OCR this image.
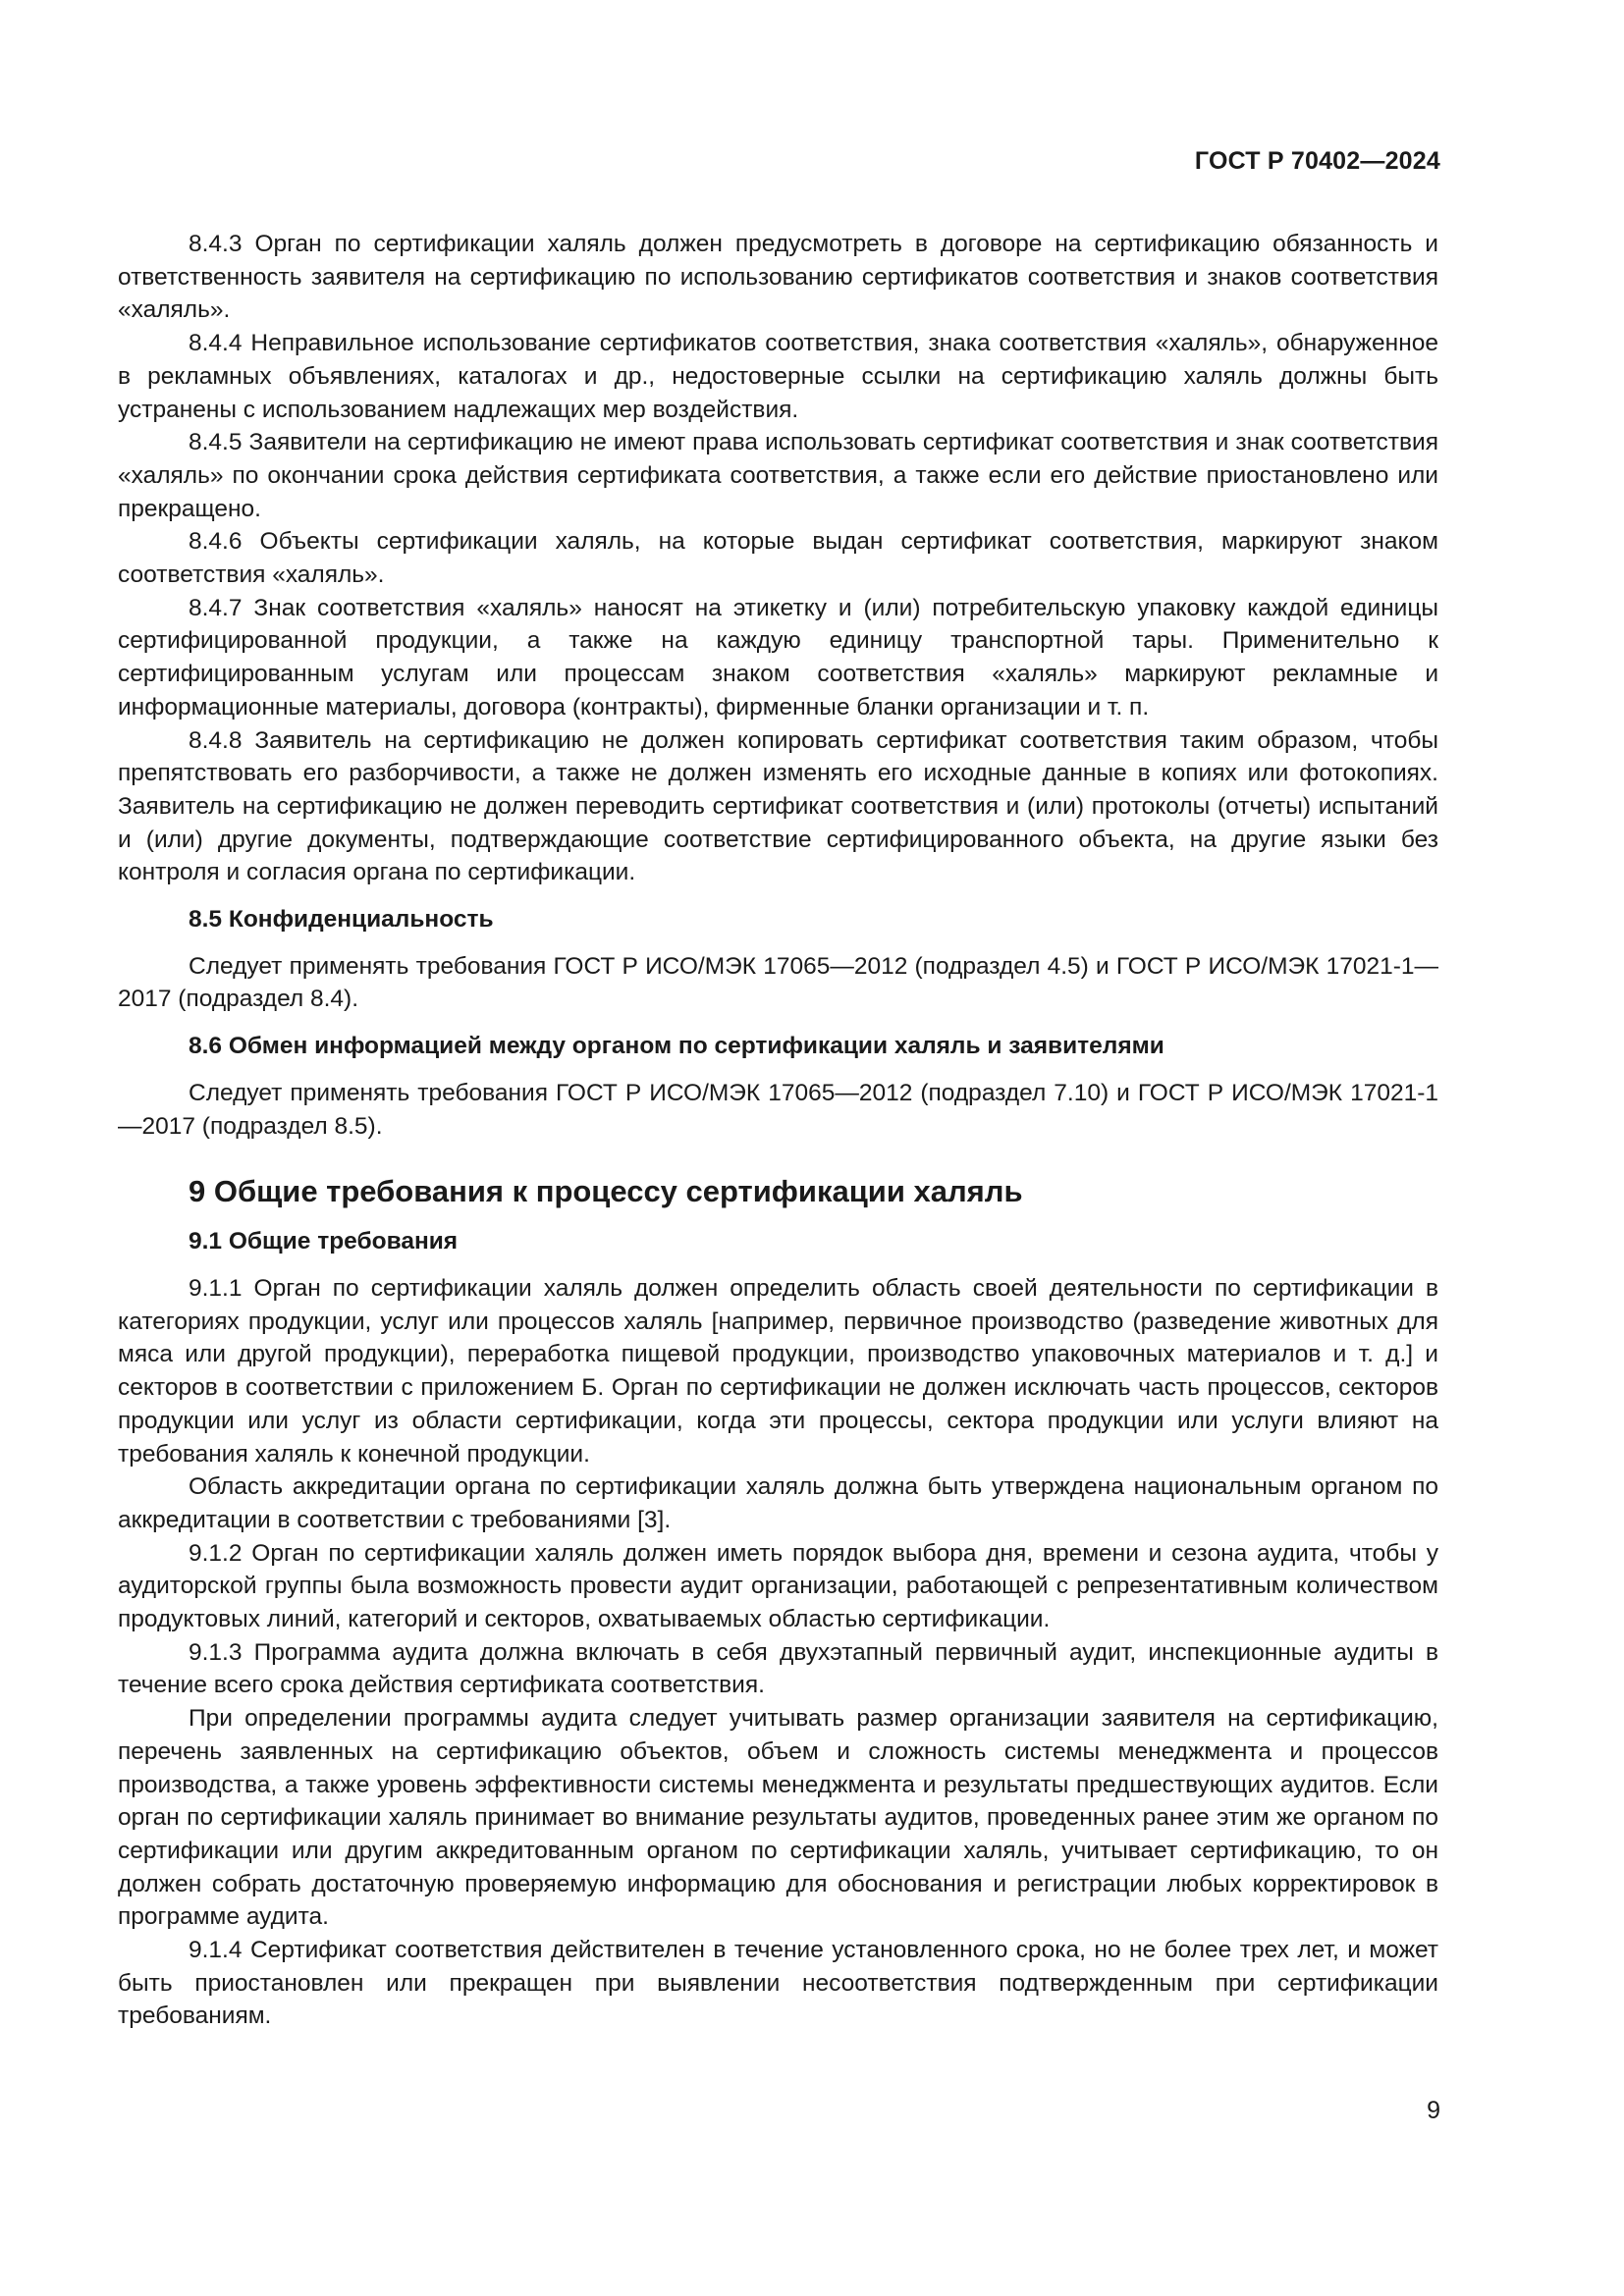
ГОСТ Р 70402—2024

8.4.3 Орган по сертификации халяль должен предусмотреть в договоре на сертификацию обязанность и ответственность заявителя на сертификацию по использованию сертификатов соответствия и знаков соответствия «халяль».

8.4.4 Неправильное использование сертификатов соответствия, знака соответствия «халяль», обнаруженное в рекламных объявлениях, каталогах и др., недостоверные ссылки на сертификацию халяль должны быть устранены с использованием надлежащих мер воздействия.

8.4.5 Заявители на сертификацию не имеют права использовать сертификат соответствия и знак соответствия «халяль» по окончании срока действия сертификата соответствия, а также если его действие приостановлено или прекращено.

8.4.6 Объекты сертификации халяль, на которые выдан сертификат соответствия, маркируют знаком соответствия «халяль».

8.4.7 Знак соответствия «халяль» наносят на этикетку и (или) потребительскую упаковку каждой единицы сертифицированной продукции, а также на каждую единицу транспортной тары. Применительно к сертифицированным услугам или процессам знаком соответствия «халяль» маркируют рекламные и информационные материалы, договора (контракты), фирменные бланки организации и т. п.

8.4.8 Заявитель на сертификацию не должен копировать сертификат соответствия таким образом, чтобы препятствовать его разборчивости, а также не должен изменять его исходные данные в копиях или фотокопиях. Заявитель на сертификацию не должен переводить сертификат соответствия и (или) протоколы (отчеты) испытаний и (или) другие документы, подтверждающие соответствие сертифицированного объекта, на другие языки без контроля и согласия органа по сертификации.

8.5 Конфиденциальность

Следует применять требования ГОСТ Р ИСО/МЭК 17065—2012 (подраздел 4.5) и ГОСТ Р ИСО/МЭК 17021-1—2017 (подраздел 8.4).

8.6 Обмен информацией между органом по сертификации халяль и заявителями

Следует применять требования ГОСТ Р ИСО/МЭК 17065—2012 (подраздел 7.10) и ГОСТ Р ИСО/МЭК 17021-1—2017 (подраздел 8.5).

9 Общие требования к процессу сертификации халяль
9.1 Общие требования

9.1.1 Орган по сертификации халяль должен определить область своей деятельности по сертификации в категориях продукции, услуг или процессов халяль [например, первичное производство (разведение животных для мяса или другой продукции), переработка пищевой продукции, производство упаковочных материалов и т. д.] и секторов в соответствии с приложением Б. Орган по сертификации не должен исключать часть процессов, секторов продукции или услуг из области сертификации, когда эти процессы, сектора продукции или услуги влияют на требования халяль к конечной продукции.

Область аккредитации органа по сертификации халяль должна быть утверждена национальным органом по аккредитации в соответствии с требованиями [3].

9.1.2 Орган по сертификации халяль должен иметь порядок выбора дня, времени и сезона аудита, чтобы у аудиторской группы была возможность провести аудит организации, работающей с репрезентативным количеством продуктовых линий, категорий и секторов, охватываемых областью сертификации.

9.1.3 Программа аудита должна включать в себя двухэтапный первичный аудит, инспекционные аудиты в течение всего срока действия сертификата соответствия.

При определении программы аудита следует учитывать размер организации заявителя на сертификацию, перечень заявленных на сертификацию объектов, объем и сложность системы менеджмента и процессов производства, а также уровень эффективности системы менеджмента и результаты предшествующих аудитов. Если орган по сертификации халяль принимает во внимание результаты аудитов, проведенных ранее этим же органом по сертификации или другим аккредитованным органом по сертификации халяль, учитывает сертификацию, то он должен собрать достаточную проверяемую информацию для обоснования и регистрации любых корректировок в программе аудита.

9.1.4 Сертификат соответствия действителен в течение установленного срока, но не более трех лет, и может быть приостановлен или прекращен при выявлении несоответствия подтвержденным при сертификации требованиям.

9
